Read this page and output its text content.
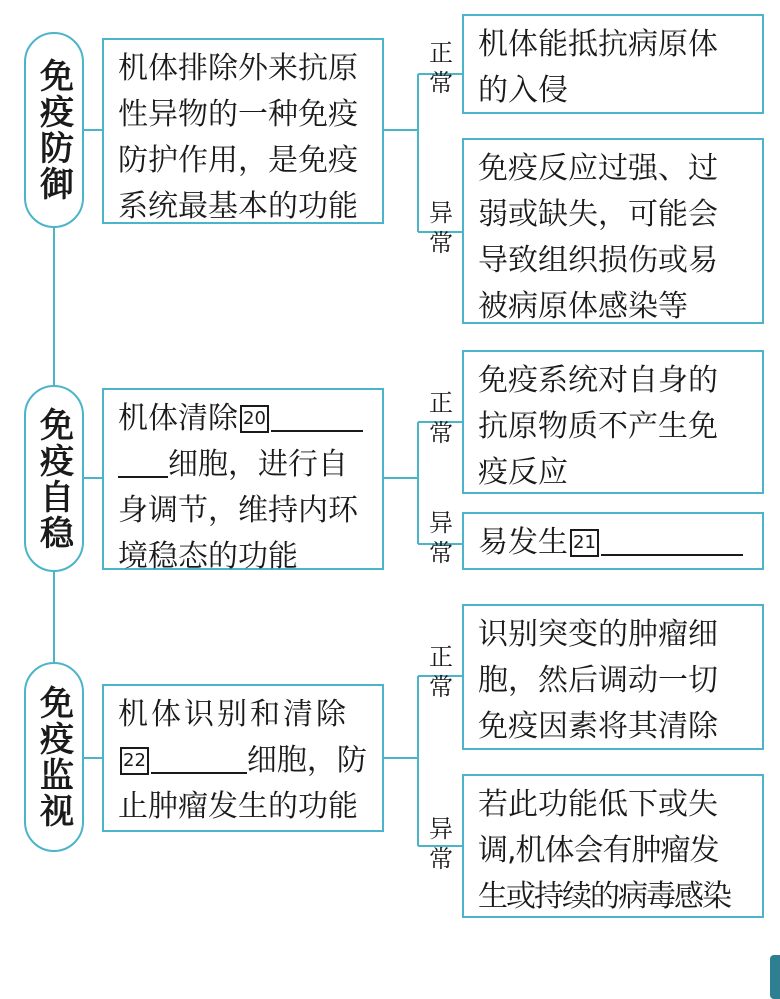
免疫防御 机体排除外来抗原

性异物的一种免疫

防护作用，是免疫

系统最基本的功能

正常
异常

机体能抵抗病原体

的入侵

免疫反应过强、过

弱或缺失，可能会

导致组织损伤或易

被病原体感染等

免疫自稳 机体清除 20

细胞，进行自

身调节，维持内环

境稳态的功能

正常
异常

免疫系统对自身的

抗原物质不产生免

疫反应

易发生 21

免疫监视 机体识别和清除

22	细胞，防

止肿瘤发生的功能

正常
异常

识别突变的肿瘤细

胞，然后调动一切

免疫因素将其清除

若此功能低下或失

调,机体会有肿瘤发

生或持续的病毒感染
